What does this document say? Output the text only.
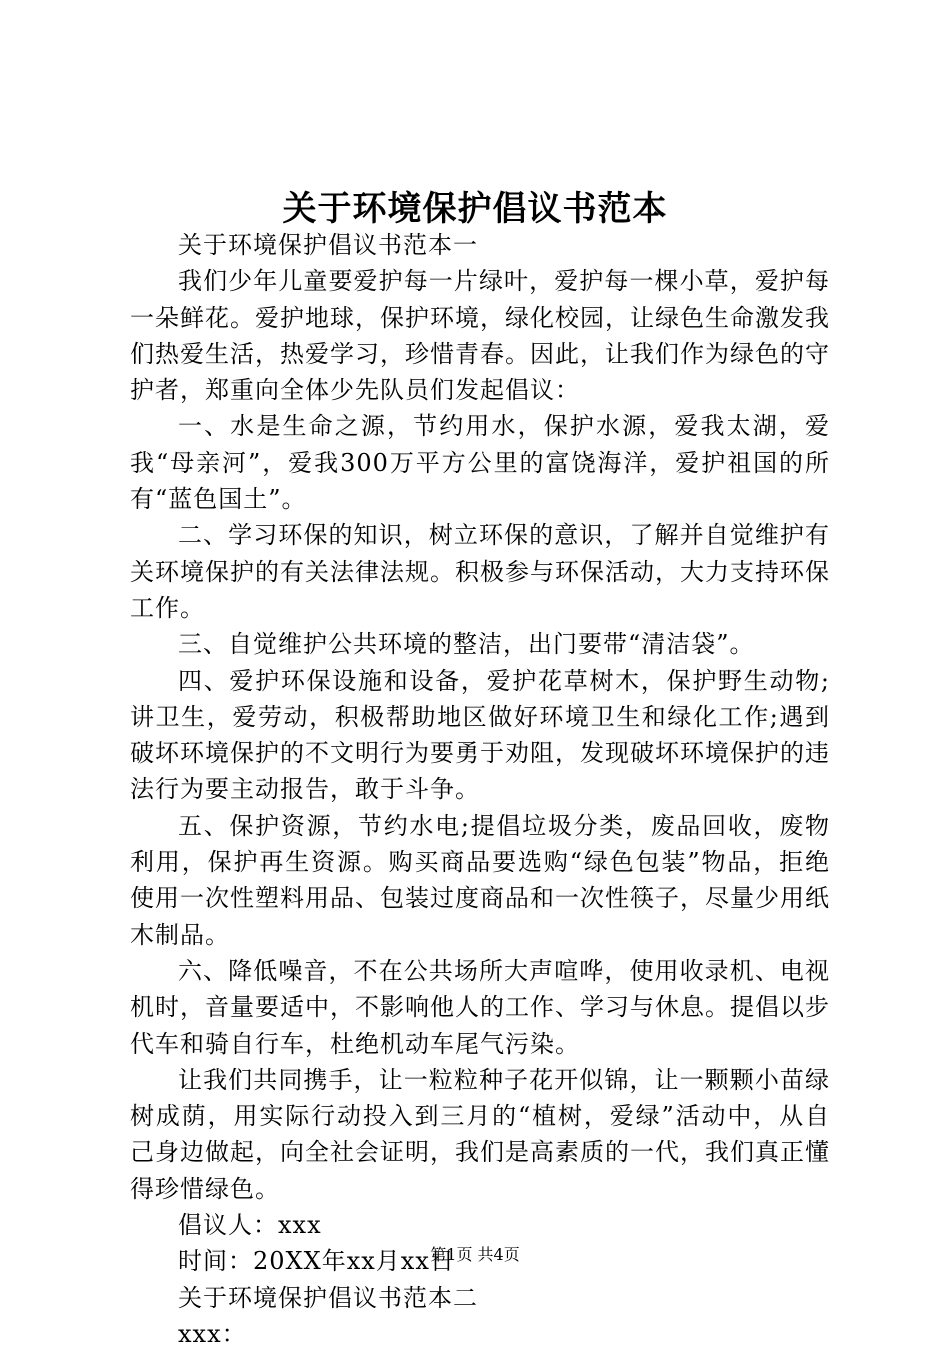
关于环境保护倡议书范本

关于环境保护倡议书范本一

我们少年儿童要爱护每一片绿叶，爱护每一棵小草，爱护每一朵鲜花。爱护地球，保护环境，绿化校园，让绿色生命激发我们热爱生活，热爱学习，珍惜青春。因此，让我们作为绿色的守护者，郑重向全体少先队员们发起倡议：

一、水是生命之源，节约用水，保护水源，爱我太湖，爱我“母亲河”，爱我300万平方公里的富饶海洋，爱护祖国的所有“蓝色国土”。

二、学习环保的知识，树立环保的意识，了解并自觉维护有关环境保护的有关法律法规。积极参与环保活动，大力支持环保工作。

三、自觉维护公共环境的整洁，出门要带“清洁袋”。

四、爱护环保设施和设备，爱护花草树木，保护野生动物;讲卫生，爱劳动，积极帮助地区做好环境卫生和绿化工作;遇到破坏环境保护的不文明行为要勇于劝阻，发现破坏环境保护的违法行为要主动报告，敢于斗争。

五、保护资源，节约水电;提倡垃圾分类，废品回收，废物利用，保护再生资源。购买商品要选购“绿色包装”物品，拒绝使用一次性塑料用品、包装过度商品和一次性筷子，尽量少用纸木制品。

六、降低噪音，不在公共场所大声喧哗，使用收录机、电视机时，音量要适中，不影响他人的工作、学习与休息。提倡以步代车和骑自行车，杜绝机动车尾气污染。

让我们共同携手，让一粒粒种子花开似锦，让一颗颗小苗绿树成荫，用实际行动投入到三月的“植树，爱绿”活动中，从自己身边做起，向全社会证明，我们是高素质的一代，我们真正懂得珍惜绿色。

倡议人：xxx

时间：20XX年xx月xx日

关于环境保护倡议书范本二

xxx：

第1页 共4页
